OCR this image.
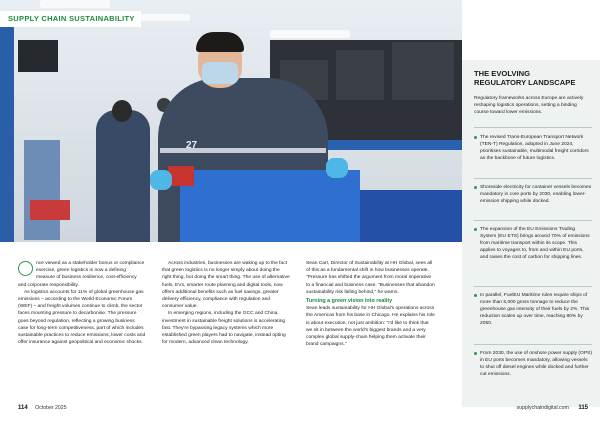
27
SUPPLY CHAIN SUSTAINABILITY
THE EVOLVING
REGULATORY LANDSCAPE
Regulatory frameworks across Europe are actively reshaping logistics operations, setting a binding course toward lower emissions.
The revised Trans-European Transport Network (TEN-T) Regulation, adopted in June 2024, prioritises sustainable, multimodal freight corridors as the backbone of future logistics.
Shoreside electricity for container vessels becomes mandatory in core ports by 2030, enabling lower-emission shipping while docked.
The expansion of the EU Emissions Trading System (EU ETS) brings around 70% of emissions from maritime transport within its scope. This applies to voyages to, from and within EU ports, and raises the cost of carbon for shipping lines.
In parallel, FuelEU Maritime rules require ships of more than 5,000 gross tonnage to reduce the greenhouse gas intensity of their fuels by 2%. This reduction scales up over time, reaching 80% by 2050.
From 2030, the use of onshore power supply (OPS) in EU ports becomes mandatory, allowing vessels to shut off diesel engines while docked and further cut emissions.

nce viewed as a stakeholder bonus or compliance exercise, green logistics is now a defining measure of business resilience, cost-efficiency and corporate responsibility.

As logistics accounts for 11% of global greenhouse gas emissions – according to the World Economic Forum (WEF) – and freight volumes continue to climb, the sector faces mounting pressure to decarbonise. The pressure goes beyond regulation, reflecting a growing business case for long-term competitiveness, part of which includes sustainable practices to reduce emissions, lower costs and offer insurance against geopolitical and economic shocks.

Across industries, businesses are waking up to the fact that green logistics is no longer simply about doing the right thing, but doing the smart thing. The use of alternative fuels, EVs, smarter route planning and digital tools, now offers additional benefits such as fuel savings, greater delivery efficiency, compliance with regulation and consumer value.

In emerging regions, including the GCC and China, investment in sustainable freight solutions is accelerating fast. They're bypassing legacy systems which more established green players had to navigate, instead opting for modern, advanced clean technology.

Sean Carr, Director of Sustainability at HH Global, sees all of this as a fundamental shift in how businesses operate. "Pressure has shifted the argument from moral imperative to a financial and business case. "Businesses that abandon sustainability risk falling behind," he warns.

Turning a green vision into reality

Sean leads sustainability for HH Global's operations across the Americas from his base in Chicago. He explains his role is about execution, not just ambition: "I'd like to think that we sit in between the world's biggest brands and a very complex global supply-chain helping them activate their brand campaigns."

114 October 2025	supplychaindigital.com 115
